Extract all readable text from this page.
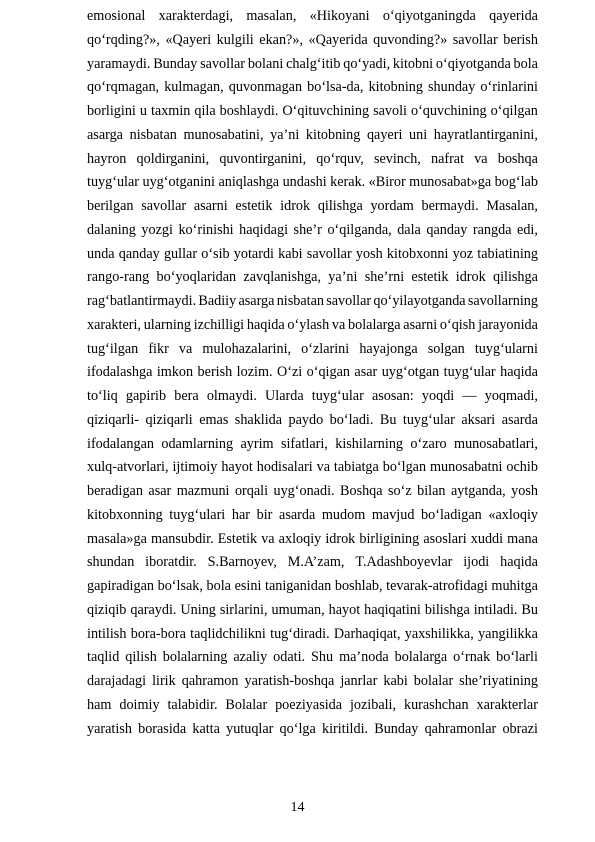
emosional xarakterdagi, masalan, «Hikoyani oʻqiyotganingda qayerida
qoʻrqding?», «Qayeri kulgili ekan?», «Qayerida quvonding?» savollar berish
yaramaydi. Bunday savollar bolani chalgʻitib qoʻyadi, kitobni oʻqiyotganda bola
qoʻrqmagan, kulmagan, quvonmagan boʻlsa-da, kitobning shunday oʻrinlarini
borligini u taxmin qila boshlaydi. Oʻqituvchining savoli oʻquvchining oʻqilgan
asarga nisbatan munosabatini, ya’ni kitobning qayeri uni hayratlantirganini,
hayron qoldirganini, quvontirganini, qoʻrquv, sevinch, nafrat va boshqa
tuygʻular uygʻotganini aniqlashga undashi kerak. «Biror munosabat»ga bogʻlab
berilgan savollar asarni estetik idrok qilishga yordam bermaydi. Masalan,
dalaning yozgi koʻrinishi haqidagi she’r oʻqilganda, dala qanday rangda edi,
unda qanday gullar oʻsib yotardi kabi savollar yosh kitobxonni yoz tabiatining
rango-rang boʻyoqlaridan zavqlanishga, ya’ni she’rni estetik idrok qilishga
ragʻbatlantirmaydi. Badiiy asarga nisbatan savollar qoʻyilayotganda savollarning
xarakteri, ularning izchilligi haqida oʻylash va bolalarga asarni oʻqish jarayonida
tugʻilgan fikr va mulohazalarini, oʻzlarini hayajonga solgan tuygʻularni
ifodalashga imkon berish lozim. Oʻzi oʻqigan asar uygʻotgan tuygʻular haqida
toʻliq gapirib bera olmaydi. Ularda tuygʻular asosan: yoqdi — yoqmadi,
qiziqarli- qiziqarli emas shaklida paydo boʻladi. Bu tuygʻular aksari asarda
ifodalangan odamlarning ayrim sifatlari, kishilarning oʻzaro munosabatlari,
xulq-atvorlari, ijtimoiy hayot hodisalari va tabiatga boʻlgan munosabatni ochib
beradigan asar mazmuni orqali uygʻonadi. Boshqa soʻz bilan aytganda, yosh
kitobxonning tuygʻulari har bir asarda mudom mavjud boʻladigan «axloqiy
masala»ga mansubdir. Estetik va axloqiy idrok birligining asoslari xuddi mana
shundan iboratdir. S.Barnoyev, M.A’zam, T.Adashboyevlar ijodi haqida
gapiradigan boʻlsak, bola esini taniganidan boshlab, tevarak-atrofidagi muhitga
qiziqib qaraydi. Uning sirlarini, umuman, hayot haqiqatini bilishga intiladi. Bu
intilish bora-bora taqlidchilikni tugʻdiradi. Darhaqiqat, yaxshilikka, yangilikka
taqlid qilish bolalarning azaliy odati. Shu ma’noda bolalarga oʻrnak boʻlarli
darajadagi lirik qahramon yaratish-boshqa janrlar kabi bolalar she’riyatining
ham doimiy talabidir. Bolalar poeziyasida jozibali, kurashchan xarakterlar
yaratish borasida katta yutuqlar qoʻlga kiritildi. Bunday qahramonlar obrazi
14
